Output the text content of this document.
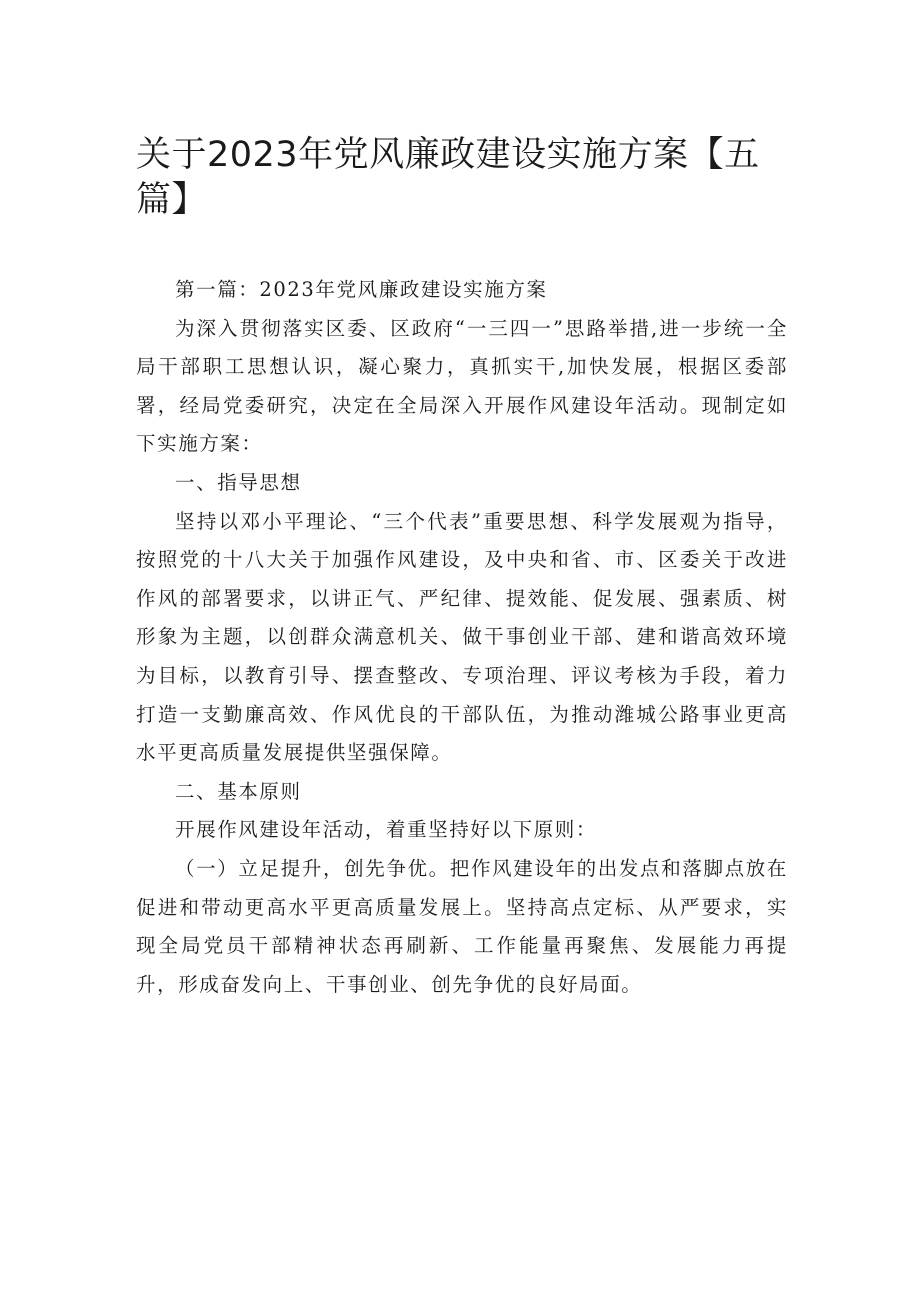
关于2023年党风廉政建设实施方案【五篇】

第一篇：2023年党风廉政建设实施方案

为深入贯彻落实区委、区政府“一三四一”思路举措,进一步统一全局干部职工思想认识，凝心聚力，真抓实干,加快发展，根据区委部署，经局党委研究，决定在全局深入开展作风建设年活动。现制定如下实施方案：

一、指导思想

坚持以邓小平理论、“三个代表”重要思想、科学发展观为指导，按照党的十八大关于加强作风建设，及中央和省、市、区委关于改进作风的部署要求，以讲正气、严纪律、提效能、促发展、强素质、树形象为主题，以创群众满意机关、做干事创业干部、建和谐高效环境为目标，以教育引导、摆查整改、专项治理、评议考核为手段，着力打造一支勤廉高效、作风优良的干部队伍，为推动潍城公路事业更高水平更高质量发展提供坚强保障。

二、基本原则

开展作风建设年活动，着重坚持好以下原则：

（一）立足提升，创先争优。把作风建设年的出发点和落脚点放在促进和带动更高水平更高质量发展上。坚持高点定标、从严要求，实现全局党员干部精神状态再刷新、工作能量再聚焦、发展能力再提升，形成奋发向上、干事创业、创先争优的良好局面。
